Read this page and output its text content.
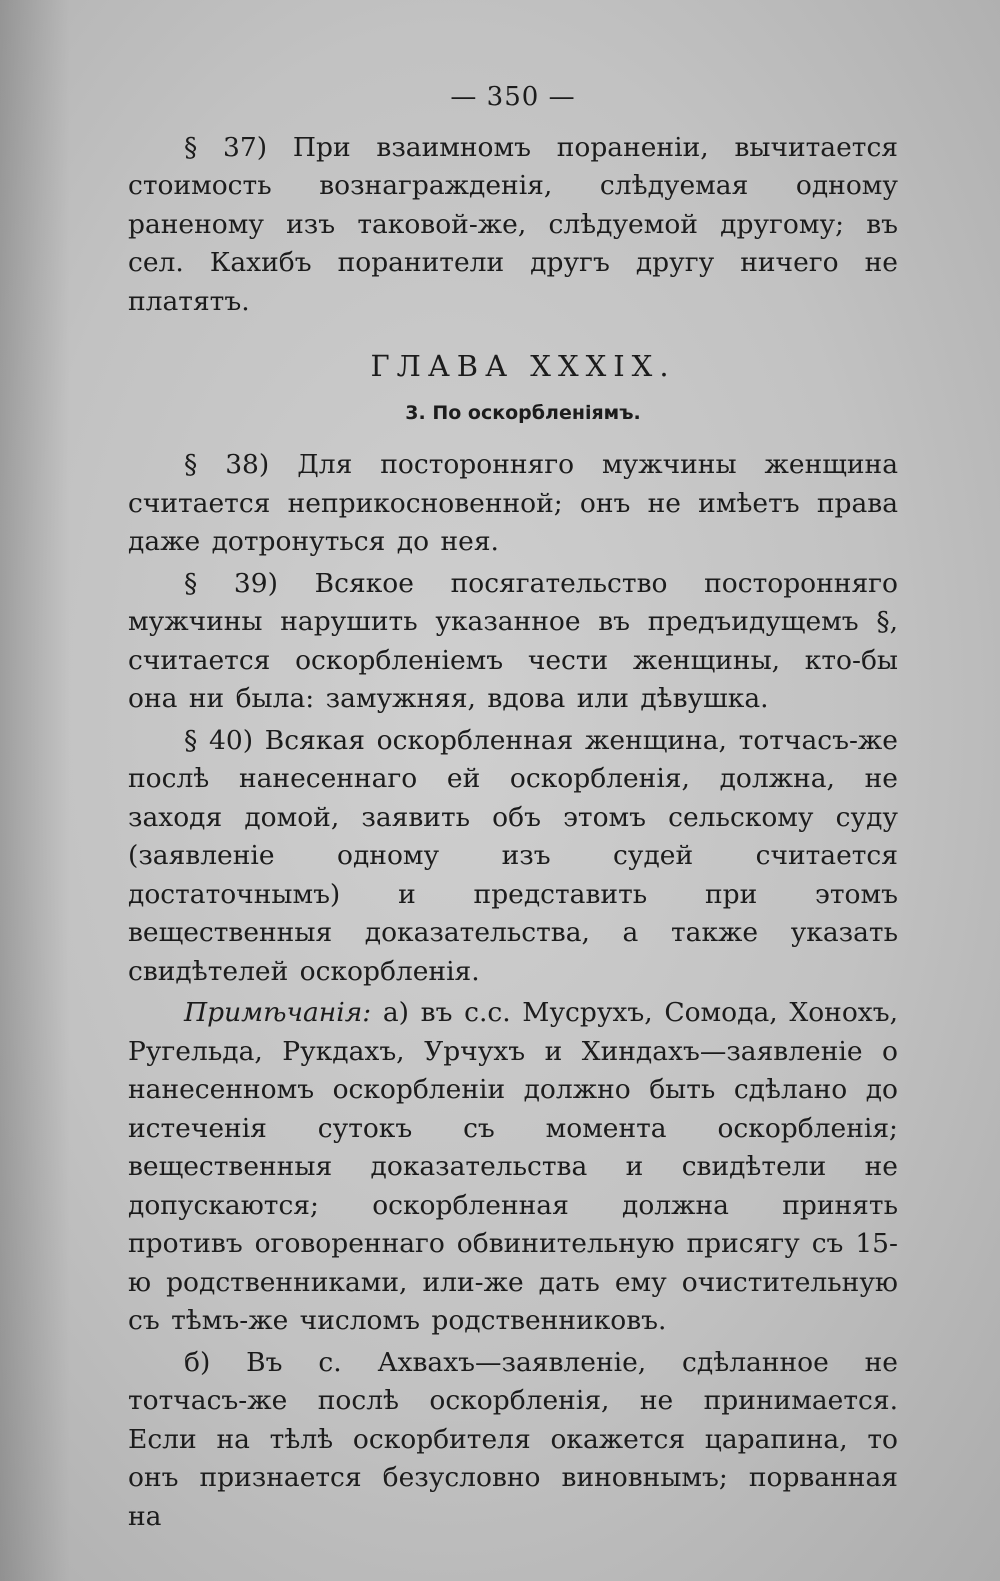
— 350 —

§ 37) При взаимномъ пораненіи, вычитается стоимость вознагражденія, слѣдуемая одному раненому изъ таковой-же, слѣдуемой другому; въ сел. Кахибъ поранители другъ другу ничего не платятъ.

ГЛАВА XXXIX.
3. По оскорбленіямъ.

§ 38) Для посторонняго мужчины женщина считается неприкосновенной; онъ не имѣетъ права даже дотронуться до нея.

§ 39) Всякое посягательство посторонняго мужчины нарушить указанное въ предъидущемъ §, считается оскорбленіемъ чести женщины, кто-бы она ни была: замужняя, вдова или дѣвушка.

§ 40) Всякая оскорбленная женщина, тотчасъ-же послѣ нанесеннаго ей оскорбленія, должна, не заходя домой, заявить объ этомъ сельскому суду (заявленіе одному изъ судей считается достаточнымъ) и представить при этомъ вещественныя доказательства, а также указать свидѣтелей оскорбленія.

Примѣчанія: а) въ с.с. Мусрухъ, Сомода, Хонохъ, Ругельда, Рукдахъ, Урчухъ и Хиндахъ—заявленіе о нанесенномъ оскорбленіи должно быть сдѣлано до истеченія сутокъ съ момента оскорбленія; вещественныя доказательства и свидѣтели не допускаются; оскорбленная должна принять противъ оговореннаго обвинительную присягу съ 15-ю родственниками, или-же дать ему очистительную съ тѣмъ-же числомъ родственниковъ.

б) Въ с. Ахвахъ—заявленіе, сдѣланное не тотчасъ-же послѣ оскорбленія, не принимается. Если на тѣлѣ оскорбителя окажется царапина, то онъ признается безусловно виновнымъ; порванная на
